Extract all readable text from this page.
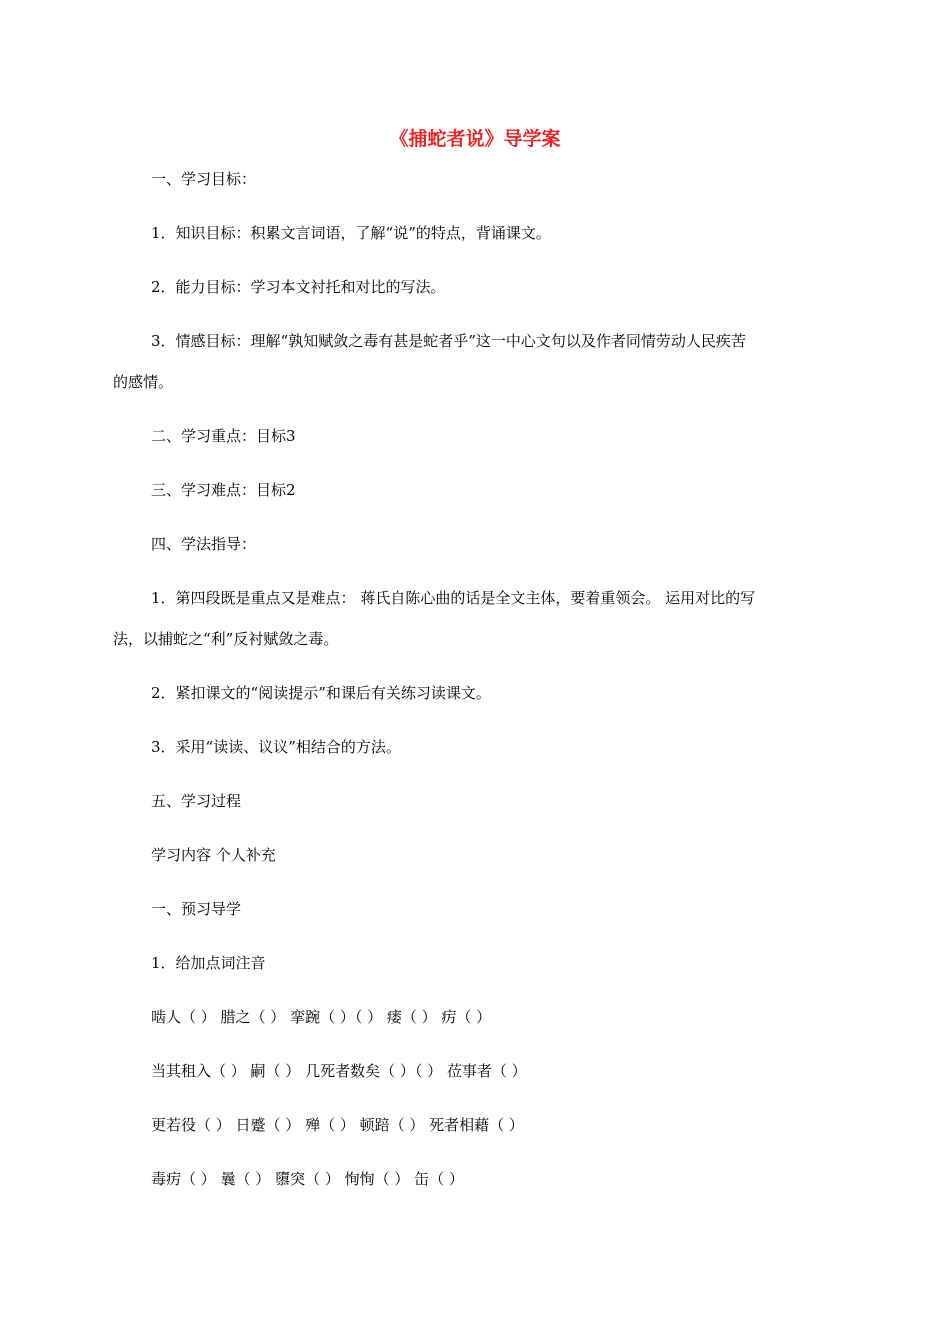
《捕蛇者说》导学案
一、学习目标：
1．知识目标：积累文言词语，了解“说”的特点，背诵课文。
2．能力目标：学习本文衬托和对比的写法。
3．情感目标：理解“孰知赋敛之毒有甚是蛇者乎”这一中心文句以及作者同情劳动人民疾苦
的感情。
二、学习重点：目标3
三、学习难点：目标2
四、学法指导：
1．第四段既是重点又是难点： 蒋氏自陈心曲的话是全文主体，要着重领会。 运用对比的写
法，以捕蛇之“利”反衬赋敛之毒。
2．紧扣课文的“阅读提示”和课后有关练习读课文。
3．采用“读读、议议”相结合的方法。
五、学习过程
学习内容 个人补充
一、预习导学
1．给加点词注音
啮人（ ） 腊之（ ） 挛踠（ ）（ ） 瘘（ ） 疠（ ）
当其租入（ ） 嗣（ ） 几死者数矣（ ）（ ） 莅事者（ ）
更若役（ ） 日蹙（ ） 殚（ ） 顿踣（ ） 死者相藉（ ）
毒疠（ ） 曩（ ） 隳突（ ） 恂恂（ ） 缶（ ）
